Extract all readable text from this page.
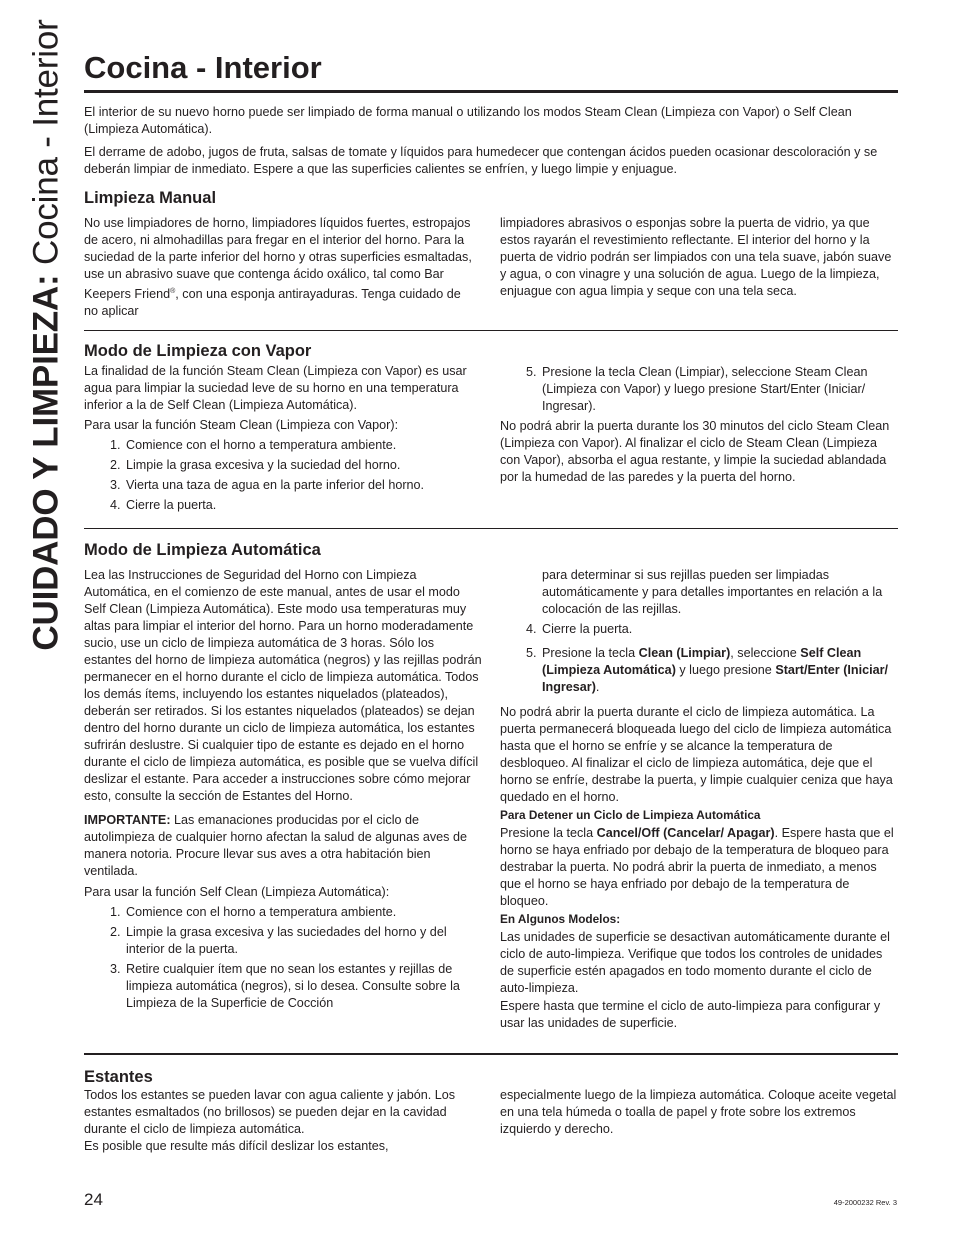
CUIDADO Y LIMPIEZA: Cocina - Interior Cocina - Interior

El interior de su nuevo horno puede ser limpiado de forma manual o utilizando los modos Steam Clean (Limpieza con Vapor) o Self Clean (Limpieza Automática).

El derrame de adobo, jugos de fruta, salsas de tomate y líquidos para humedecer que contengan ácidos pueden ocasionar descoloración y se deberán limpiar de inmediato. Espere a que las superficies calientes se enfríen, y luego limpie y enjuague.

Limpieza Manual

No use limpiadores de horno, limpiadores líquidos fuertes, estropajos de acero, ni almohadillas para fregar en el interior del horno. Para la suciedad de la parte inferior del horno y otras superficies esmaltadas, use un abrasivo suave que contenga ácido oxálico, tal como Bar Keepers Friend®, con una esponja antirayaduras. Tenga cuidado de no aplicar

limpiadores abrasivos o esponjas sobre la puerta de vidrio, ya que estos rayarán el revestimiento reflectante. El interior del horno y la puerta de vidrio podrán ser limpiados con una tela suave, jabón suave y agua, o con vinagre y una solución de agua. Luego de la limpieza, enjuague con agua limpia y seque con una tela seca.

Modo de Limpieza con Vapor

La finalidad de la función Steam Clean (Limpieza con Vapor) es usar agua para limpiar la suciedad leve de su horno en una temperatura inferior a la de Self Clean (Limpieza Automática).

Para usar la función Steam Clean (Limpieza con Vapor):

1. Comience con el horno a temperatura ambiente.
2. Limpie la grasa excesiva y la suciedad del horno.
3. Vierta una taza de agua en la parte inferior del horno.
4. Cierre la puerta.
5. Presione la tecla Clean (Limpiar), seleccione Steam Clean (Limpieza con Vapor) y luego presione Start/Enter (Iniciar/ Ingresar).

No podrá abrir la puerta durante los 30 minutos del ciclo Steam Clean (Limpieza con Vapor). Al finalizar el ciclo de Steam Clean (Limpieza con Vapor), absorba el agua restante, y limpie la suciedad ablandada por la humedad de las paredes y la puerta del horno.

Modo de Limpieza Automática

Lea las Instrucciones de Seguridad del Horno con Limpieza Automática, en el comienzo de este manual, antes de usar el modo Self Clean (Limpieza Automática). Este modo usa temperaturas muy altas para limpiar el interior del horno. Para un horno moderadamente sucio, use un ciclo de limpieza automática de 3 horas. Sólo los estantes del horno de limpieza automática (negros) y las rejillas podrán permanecer en el horno durante el ciclo de limpieza automática. Todos los demás ítems, incluyendo los estantes niquelados (plateados), deberán ser retirados. Si los estantes niquelados (plateados) se dejan dentro del horno durante un ciclo de limpieza automática, los estantes sufrirán deslustre. Si cualquier tipo de estante es dejado en el horno durante el ciclo de limpieza automática, es posible que se vuelva difícil deslizar el estante. Para acceder a instrucciones sobre cómo mejorar esto, consulte la sección de Estantes del Horno.

IMPORTANTE: Las emanaciones producidas por el ciclo de autolimpieza de cualquier horno afectan la salud de algunas aves de manera notoria. Procure llevar sus aves a otra habitación bien ventilada.

Para usar la función Self Clean (Limpieza Automática):

1. Comience con el horno a temperatura ambiente.
2. Limpie la grasa excesiva y las suciedades del horno y del interior de la puerta.
3. Retire cualquier ítem que no sean los estantes y rejillas de limpieza automática (negros), si lo desea. Consulte sobre la Limpieza de la Superficie de Cocción

para determinar si sus rejillas pueden ser limpiadas automáticamente y para detalles importantes en relación a la colocación de las rejillas.

4. Cierre la puerta.
5. Presione la tecla Clean (Limpiar), seleccione Self Clean (Limpieza Automática) y luego presione Start/Enter (Iniciar/ Ingresar).

No podrá abrir la puerta durante el ciclo de limpieza automática. La puerta permanecerá bloqueada luego del ciclo de limpieza automática hasta que el horno se enfríe y se alcance la temperatura de desbloqueo. Al finalizar el ciclo de limpieza automática, deje que el horno se enfríe, destrabe la puerta, y limpie cualquier ceniza que haya quedado en el horno.

Para Detener un Ciclo de Limpieza Automática

Presione la tecla Cancel/Off (Cancelar/ Apagar). Espere hasta que el horno se haya enfriado por debajo de la temperatura de bloqueo para destrabar la puerta. No podrá abrir la puerta de inmediato, a menos que el horno se haya enfriado por debajo de la temperatura de bloqueo.

En Algunos Modelos:

Las unidades de superficie se desactivan automáticamente durante el ciclo de auto-limpieza. Verifique que todos los controles de unidades de superficie estén apagados en todo momento durante el ciclo de auto-limpieza.

Espere hasta que termine el ciclo de auto-limpieza para configurar y usar las unidades de superficie.

Estantes

Todos los estantes se pueden lavar con agua caliente y jabón. Los estantes esmaltados (no brillosos) se pueden dejar en la cavidad durante el ciclo de limpieza automática.

Es posible que resulte más difícil deslizar los estantes,

especialmente luego de la limpieza automática. Coloque aceite vegetal en una tela húmeda o toalla de papel y frote sobre los extremos izquierdo y derecho.

24	49-2000232 Rev. 3
